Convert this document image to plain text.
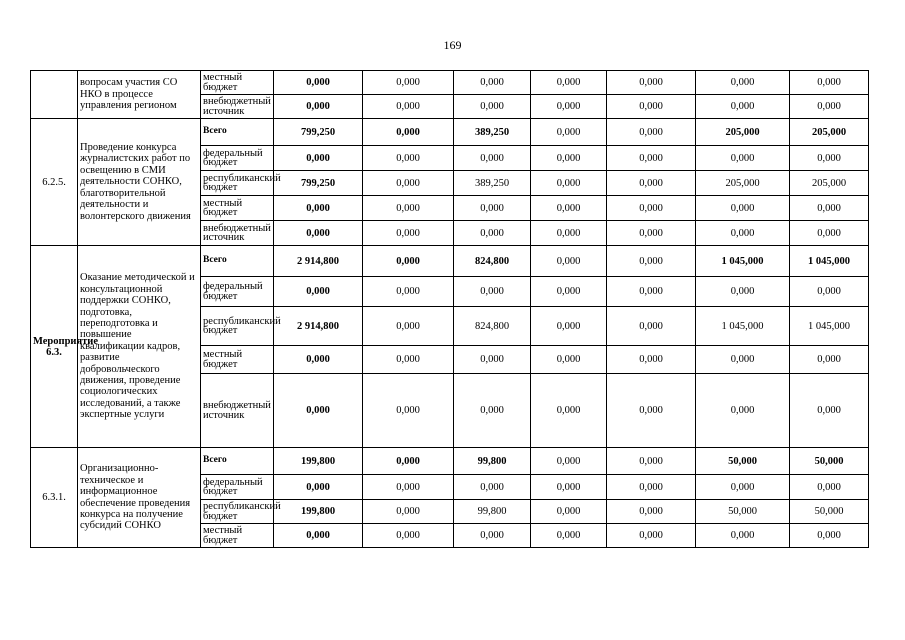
169
	вопросам участия СО НКО в процессе управления регионом	местный бюджет	0,000	0,000	0,000	0,000	0,000	0,000	0,000
		внебюджетный источник	0,000	0,000	0,000	0,000	0,000	0,000	0,000
6.2.5.	Проведение конкурса журналистских работ по освещению в СМИ деятельности СОНКО, благотворительной деятельности и волонтерского движения	Всего	799,250	0,000	389,250	0,000	0,000	205,000	205,000
		федеральный бюджет	0,000	0,000	0,000	0,000	0,000	0,000	0,000
		республиканский бюджет	799,250	0,000	389,250	0,000	0,000	205,000	205,000
		местный бюджет	0,000	0,000	0,000	0,000	0,000	0,000	0,000
		внебюджетный источник	0,000	0,000	0,000	0,000	0,000	0,000	0,000
Мероприятие 6.3.	Оказание методической и консультационной поддержки СОНКО, подготовка, переподготовка и повышение квалификации кадров, развитие добровольческого движения, проведение социологических исследований, а также экспертные услуги	Всего	2 914,800	0,000	824,800	0,000	0,000	1 045,000	1 045,000
		федеральный бюджет	0,000	0,000	0,000	0,000	0,000	0,000	0,000
		республиканский бюджет	2 914,800	0,000	824,800	0,000	0,000	1 045,000	1 045,000
		местный бюджет	0,000	0,000	0,000	0,000	0,000	0,000	0,000
		внебюджетный источник	0,000	0,000	0,000	0,000	0,000	0,000	0,000
6.3.1.	Организационно-техническое и информационное обеспечение проведения конкурса на получение субсидий СОНКО	Всего	199,800	0,000	99,800	0,000	0,000	50,000	50,000
		федеральный бюджет	0,000	0,000	0,000	0,000	0,000	0,000	0,000
		республиканский бюджет	199,800	0,000	99,800	0,000	0,000	50,000	50,000
		местный бюджет	0,000	0,000	0,000	0,000	0,000	0,000	0,000
